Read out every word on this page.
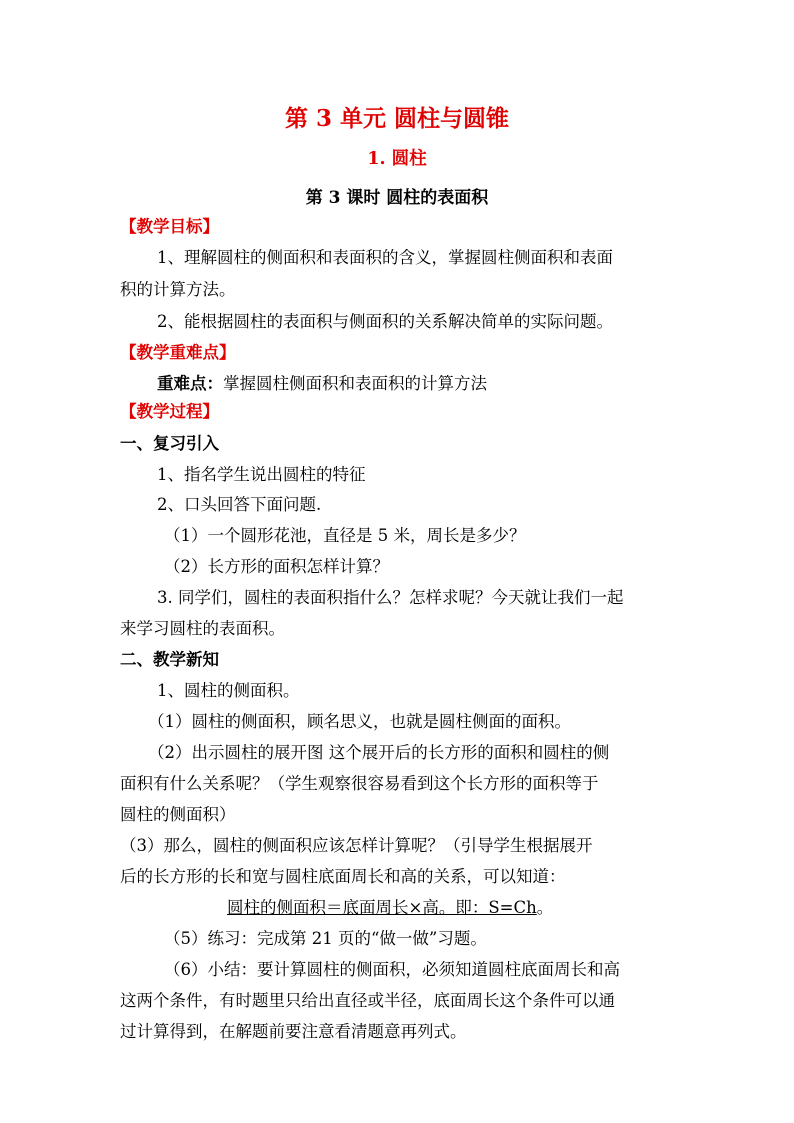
第 3 单元 圆柱与圆锥
1. 圆柱
第 3 课时 圆柱的表面积
【教学目标】
1、理解圆柱的侧面积和表面积的含义，掌握圆柱侧面积和表面
积的计算方法。
2、能根据圆柱的表面积与侧面积的关系解决简单的实际问题。
【教学重难点】
重难点：掌握圆柱侧面积和表面积的计算方法
【教学过程】
一、复习引入
1、指名学生说出圆柱的特征
2、口头回答下面问题.
（1）一个圆形花池，直径是 5 米，周长是多少？
（2）长方形的面积怎样计算？
3. 同学们，圆柱的表面积指什么？怎样求呢？今天就让我们一起
来学习圆柱的表面积。
二、教学新知
1、圆柱的侧面积。
（1）圆柱的侧面积，顾名思义，也就是圆柱侧面的面积。
（2）出示圆柱的展开图 这个展开后的长方形的面积和圆柱的侧
面积有什么关系呢？（学生观察很容易看到这个长方形的面积等于
圆柱的侧面积）
（3）那么，圆柱的侧面积应该怎样计算呢？（引导学生根据展开
后的长方形的长和宽与圆柱底面周长和高的关系，可以知道：
圆柱的侧面积＝底面周长×高。即：S=Ch。
（5）练习：完成第 21 页的“做一做”习题。
（6）小结：要计算圆柱的侧面积，必须知道圆柱底面周长和高
这两个条件，有时题里只给出直径或半径，底面周长这个条件可以通
过计算得到，在解题前要注意看清题意再列式。
